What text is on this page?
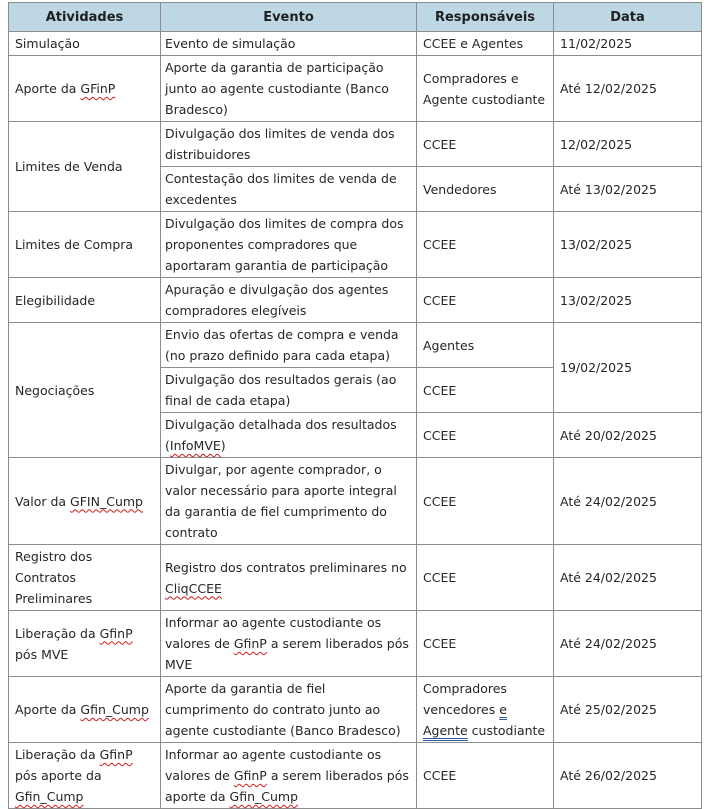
Atividades	Evento	Responsáveis	Data
Simulação	Evento de simulação	CCEE e Agentes	11/02/2025
Aporte da GFinP	Aporte da garantia de participação junto ao agente custodiante (Banco Bradesco)	Compradores e Agente custodiante	Até 12/02/2025
Limites de Venda	Divulgação dos limites de venda dos distribuidores	CCEE	12/02/2025
	Contestação dos limites de venda de excedentes	Vendedores	Até 13/02/2025
Limites de Compra	Divulgação dos limites de compra dos proponentes compradores que aportaram garantia de participação	CCEE	13/02/2025
Elegibilidade	Apuração e divulgação dos agentes compradores elegíveis	CCEE	13/02/2025
Negociações	Envio das ofertas de compra e venda (no prazo definido para cada etapa)	Agentes	19/02/2025
	Divulgação dos resultados gerais (ao final de cada etapa)	CCEE	
	Divulgação detalhada dos resultados (InfoMVE)	CCEE	Até 20/02/2025
Valor da GFIN_Cump	Divulgar, por agente comprador, o valor necessário para aporte integral da garantia de fiel cumprimento do contrato	CCEE	Até 24/02/2025
Registro dos Contratos Preliminares	Registro dos contratos preliminares no CliqCCEE	CCEE	Até 24/02/2025
Liberação da GfinP pós MVE	Informar ao agente custodiante os valores de GfinP a serem liberados pós MVE	CCEE	Até 24/02/2025
Aporte da Gfin_Cump	Aporte da garantia de fiel cumprimento do contrato junto ao agente custodiante (Banco Bradesco)	Compradores vencedores e Agente custodiante	Até 25/02/2025
Liberação da GfinP pós aporte da Gfin_Cump	Informar ao agente custodiante os valores de GfinP a serem liberados pós aporte da Gfin_Cump	CCEE	Até 26/02/2025
